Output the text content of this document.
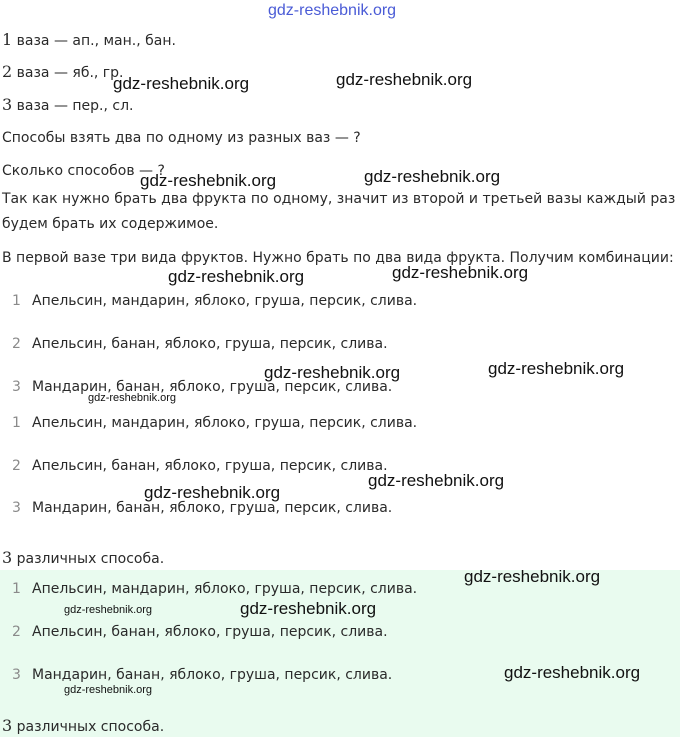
gdz-reshebnik.org
1 ваза — ап., ман., бан.
2 ваза — яб., гр.
3 ваза — пер., сл.
Способы взять два по одному из разных ваз — ?
Сколько способов — ?
Так как нужно брать два фрукта по одному, значит из второй и третьей вазы каждый раз
будем брать их содержимое.
В первой вазе три вида фруктов. Нужно брать по два вида фрукта. Получим комбинации:
1 Апельсин, мандарин, яблоко, груша, персик, слива.
2 Апельсин, банан, яблоко, груша, персик, слива.
3 Мандарин, банан, яблоко, груша, персик, слива.
1 Апельсин, мандарин, яблоко, груша, персик, слива.
2 Апельсин, банан, яблоко, груша, персик, слива.
3 Мандарин, банан, яблоко, груша, персик, слива.
3 различных способа.
1 Апельсин, мандарин, яблоко, груша, персик, слива.
2 Апельсин, банан, яблоко, груша, персик, слива.
3 Мандарин, банан, яблоко, груша, персик, слива.
3 различных способа.
gdz-reshebnik.org	gdz-reshebnik.org
gdz-reshebnik.org	gdz-reshebnik.org
gdz-reshebnik.org	gdz-reshebnik.org
gdz-reshebnik.org	gdz-reshebnik.org
gdz-reshebnik.org
gdz-reshebnik.org
gdz-reshebnik.org
gdz-reshebnik.org
gdz-reshebnik.org
gdz-reshebnik.org
gdz-reshebnik.org
gdz-reshebnik.org
